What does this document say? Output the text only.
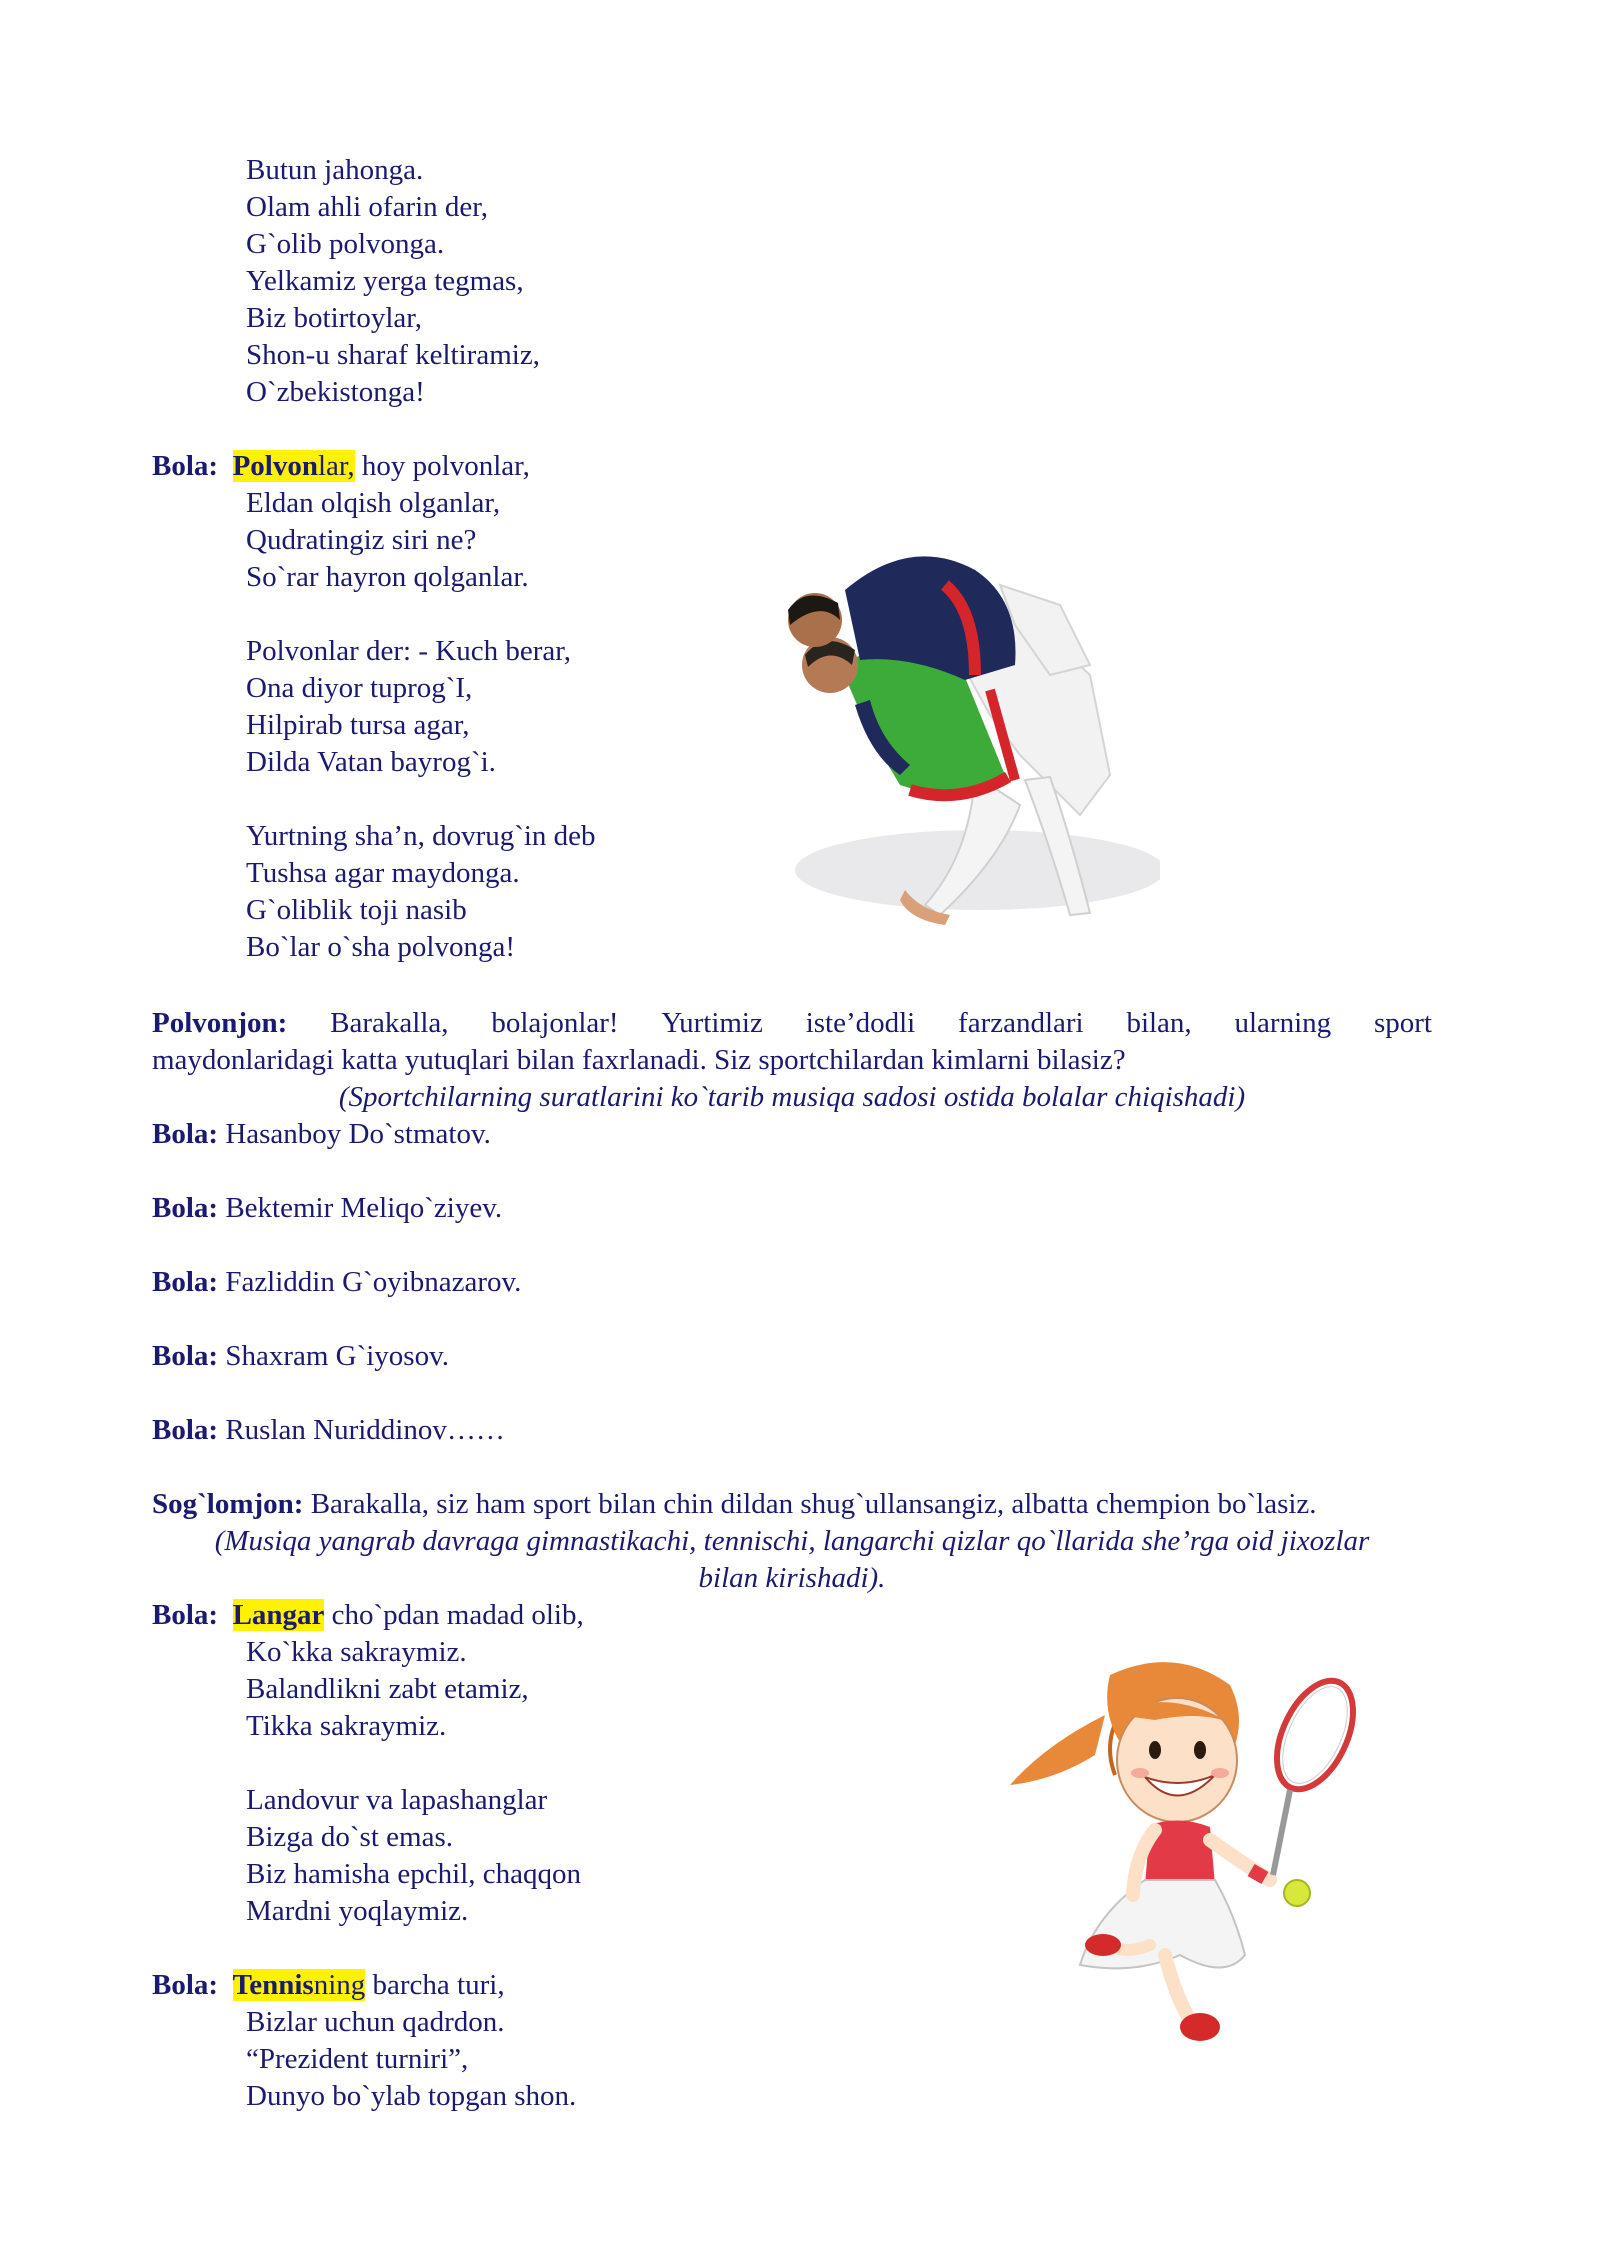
Butun jahonga.
Olam ahli ofarin der,
G`olib polvonga.
Yelkamiz yerga tegmas,
Biz botirtoylar,
Shon-u sharaf keltiramiz,
O`zbekistonga!
Bola: Polvonlar, hoy polvonlar,
Eldan olqish olganlar,
Qudratingiz siri ne?
So`rar hayron qolganlar.
Polvonlar der: - Kuch berar,
Ona diyor tuprog`I,
Hilpirab tursa agar,
Dilda Vatan bayrog`i.
Yurtning sha’n, dovrug`in deb
Tushsa agar maydonga.
G`oliblik toji nasib
Bo`lar o`sha polvonga!
Polvonjon: Barakalla, bolajonlar! Yurtimiz iste’dodli farzandlari bilan, ularning sport
maydonlaridagi katta yutuqlari bilan faxrlanadi. Siz sportchilardan kimlarni bilasiz?
(Sportchilarning suratlarini ko`tarib musiqa sadosi ostida bolalar chiqishadi)
Bola: Hasanboy Do`stmatov.
Bola: Bektemir Meliqo`ziyev.
Bola: Fazliddin G`oyibnazarov.
Bola: Shaxram G`iyosov.
Bola: Ruslan Nuriddinov……
Sog`lomjon: Barakalla, siz ham sport bilan chin dildan shug`ullansangiz, albatta chempion bo`lasiz.
(Musiqa yangrab davraga gimnastikachi, tennischi, langarchi qizlar qo`llarida she’rga oid jixozlar
bilan kirishadi).
Bola: Langar cho`pdan madad olib,
Ko`kka sakraymiz.
Balandlikni zabt etamiz,
Tikka sakraymiz.
Landovur va lapashanglar
Bizga do`st emas.
Biz hamisha epchil, chaqqon
Mardni yoqlaymiz.
Bola: Tennisning barcha turi,
Bizlar uchun qadrdon.
“Prezident turniri”,
Dunyo bo`ylab topgan shon.
